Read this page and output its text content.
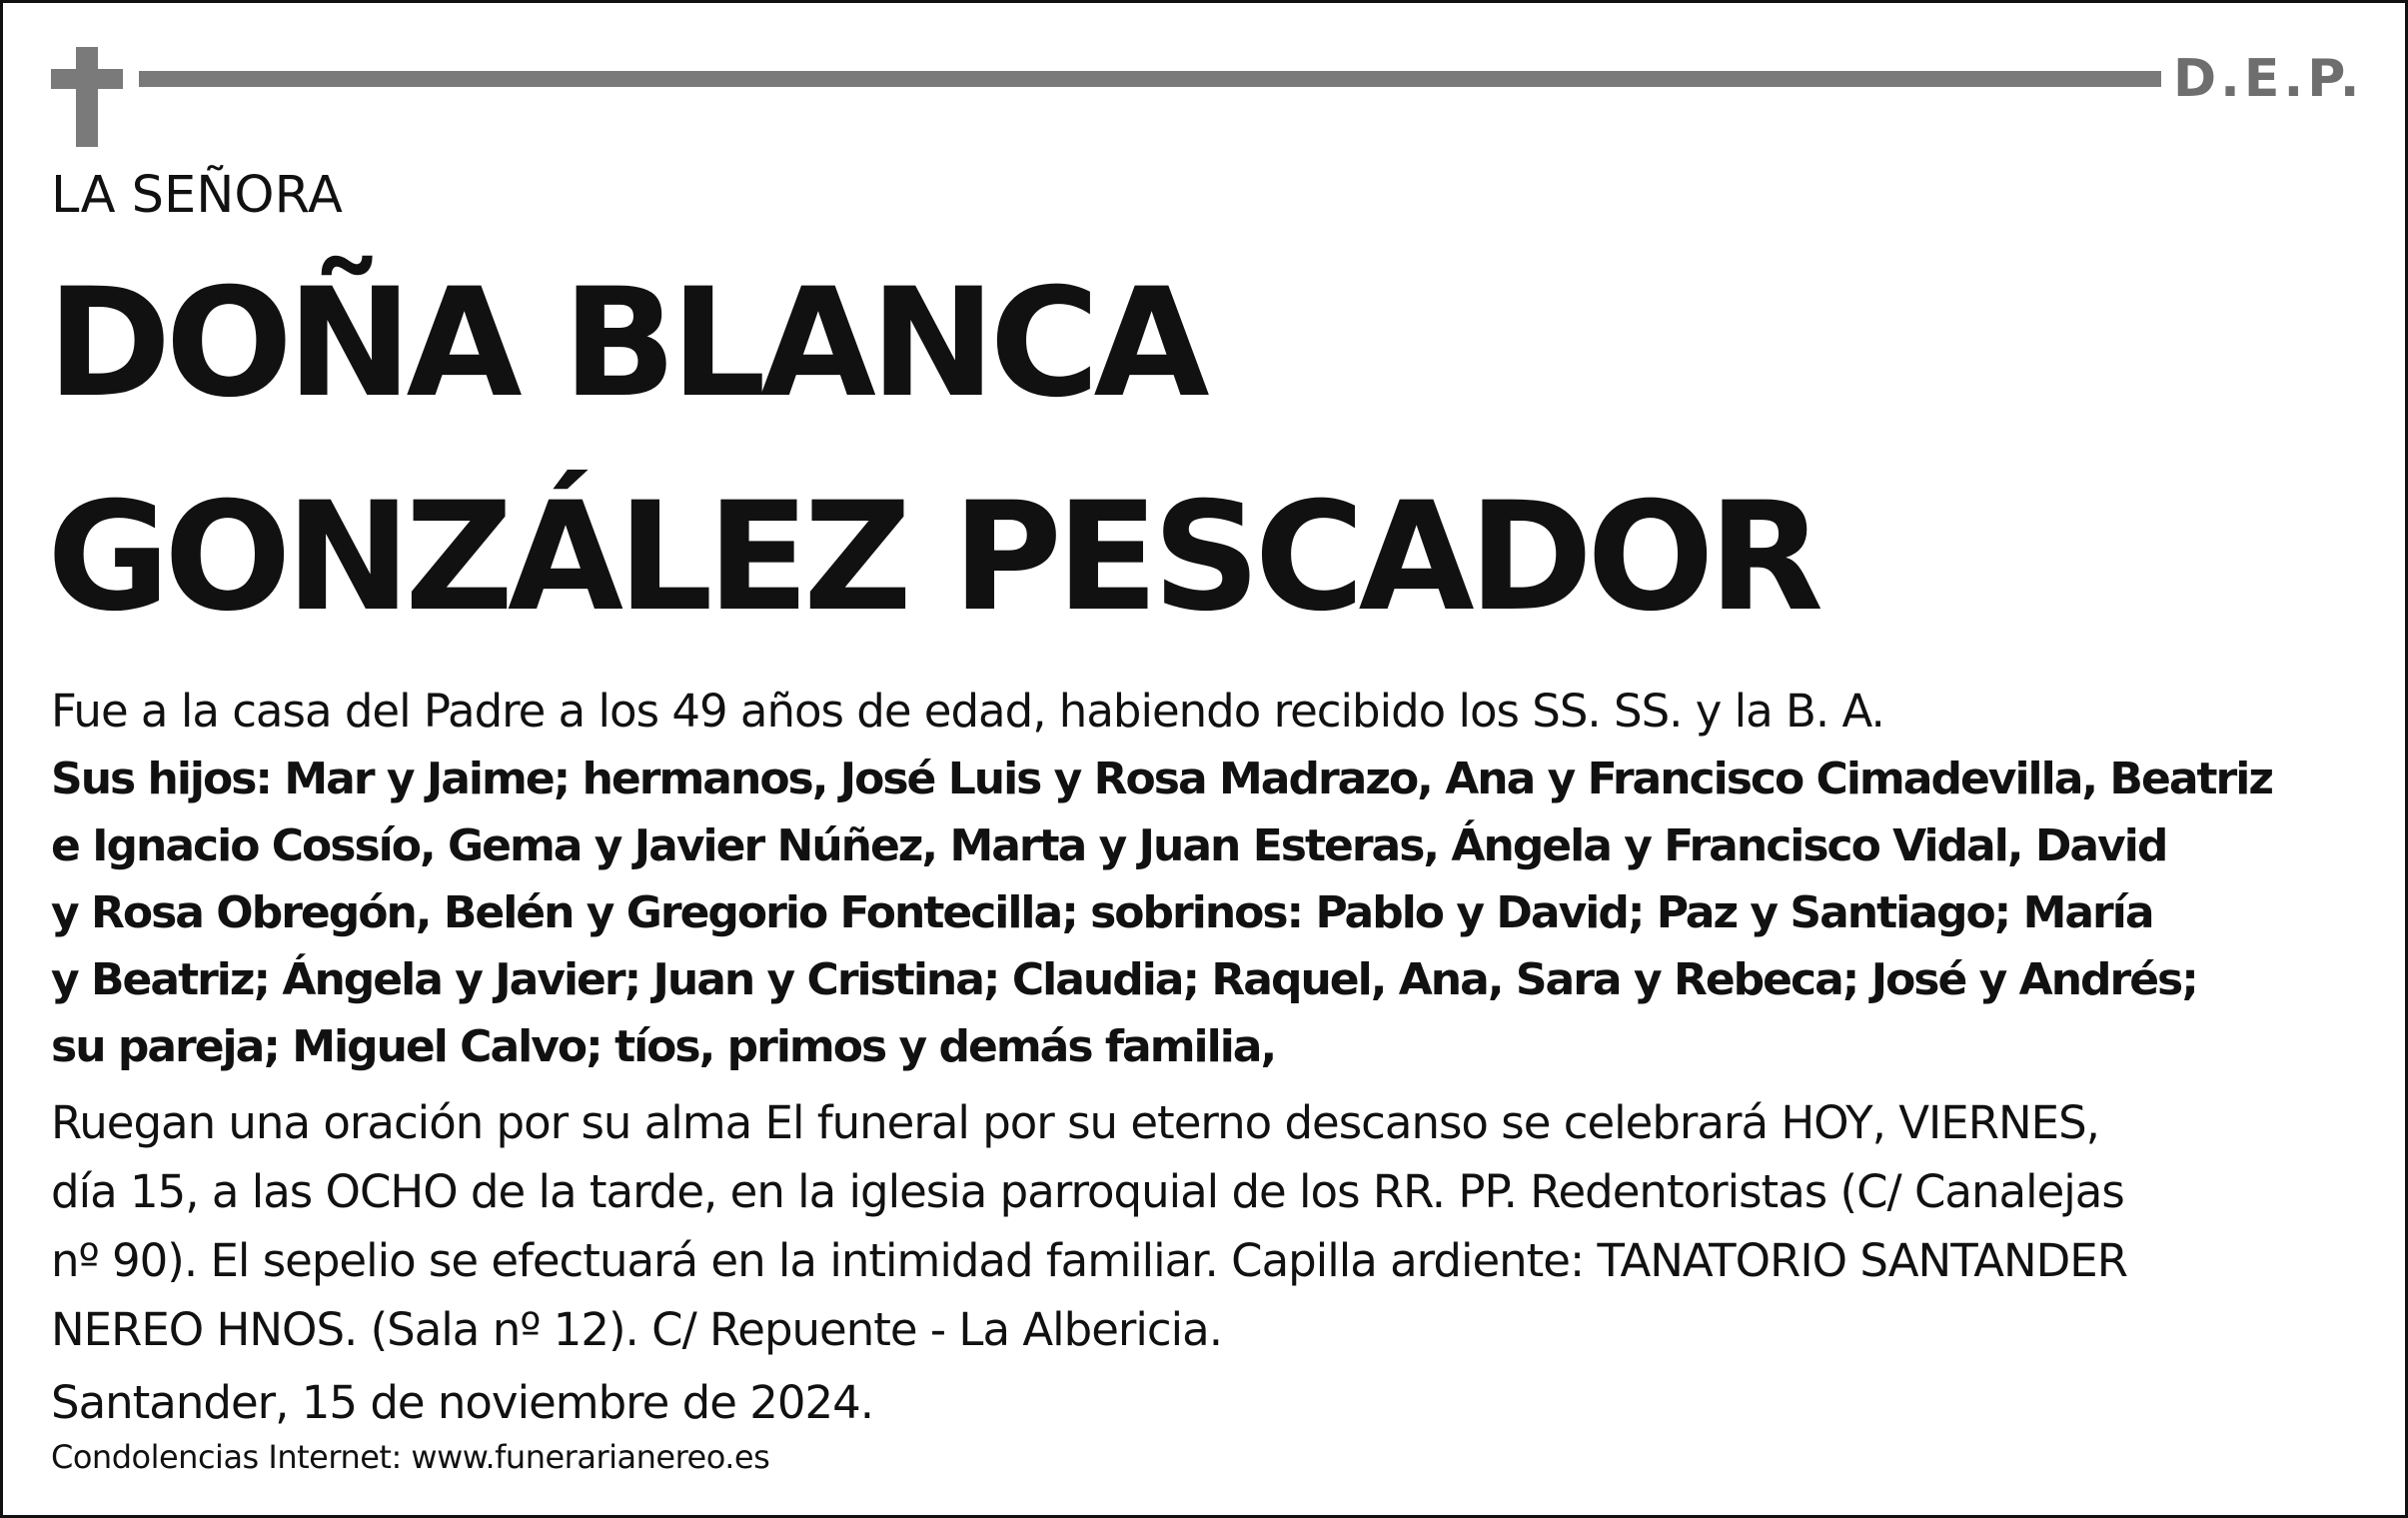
D.E.P.
LA SEÑORA
DOÑA BLANCA
GONZÁLEZ PESCADOR
Fue a la casa del Padre a los 49 años de edad, habiendo recibido los SS. SS. y la B. A.
Sus hijos: Mar y Jaime; hermanos, José Luis y Rosa Madrazo, Ana y Francisco Cimadevilla, Beatriz
e Ignacio Cossío, Gema y Javier Núñez, Marta y Juan Esteras, Ángela y Francisco Vidal, David
y Rosa Obregón, Belén y Gregorio Fontecilla; sobrinos: Pablo y David; Paz y Santiago; María
y Beatriz; Ángela y Javier; Juan y Cristina; Claudia; Raquel, Ana, Sara y Rebeca; José y Andrés;
su pareja; Miguel Calvo; tíos, primos y demás familia,
Ruegan una oración por su alma El funeral por su eterno descanso se celebrará HOY, VIERNES,
día 15, a las OCHO de la tarde, en la iglesia parroquial de los RR. PP. Redentoristas (C/ Canalejas
nº 90). El sepelio se efectuará en la intimidad familiar. Capilla ardiente: TANATORIO SANTANDER
NEREO HNOS. (Sala nº 12). C/ Repuente - La Albericia.
Santander, 15 de noviembre de 2024.
Condolencias Internet: www.funerarianereo.es
